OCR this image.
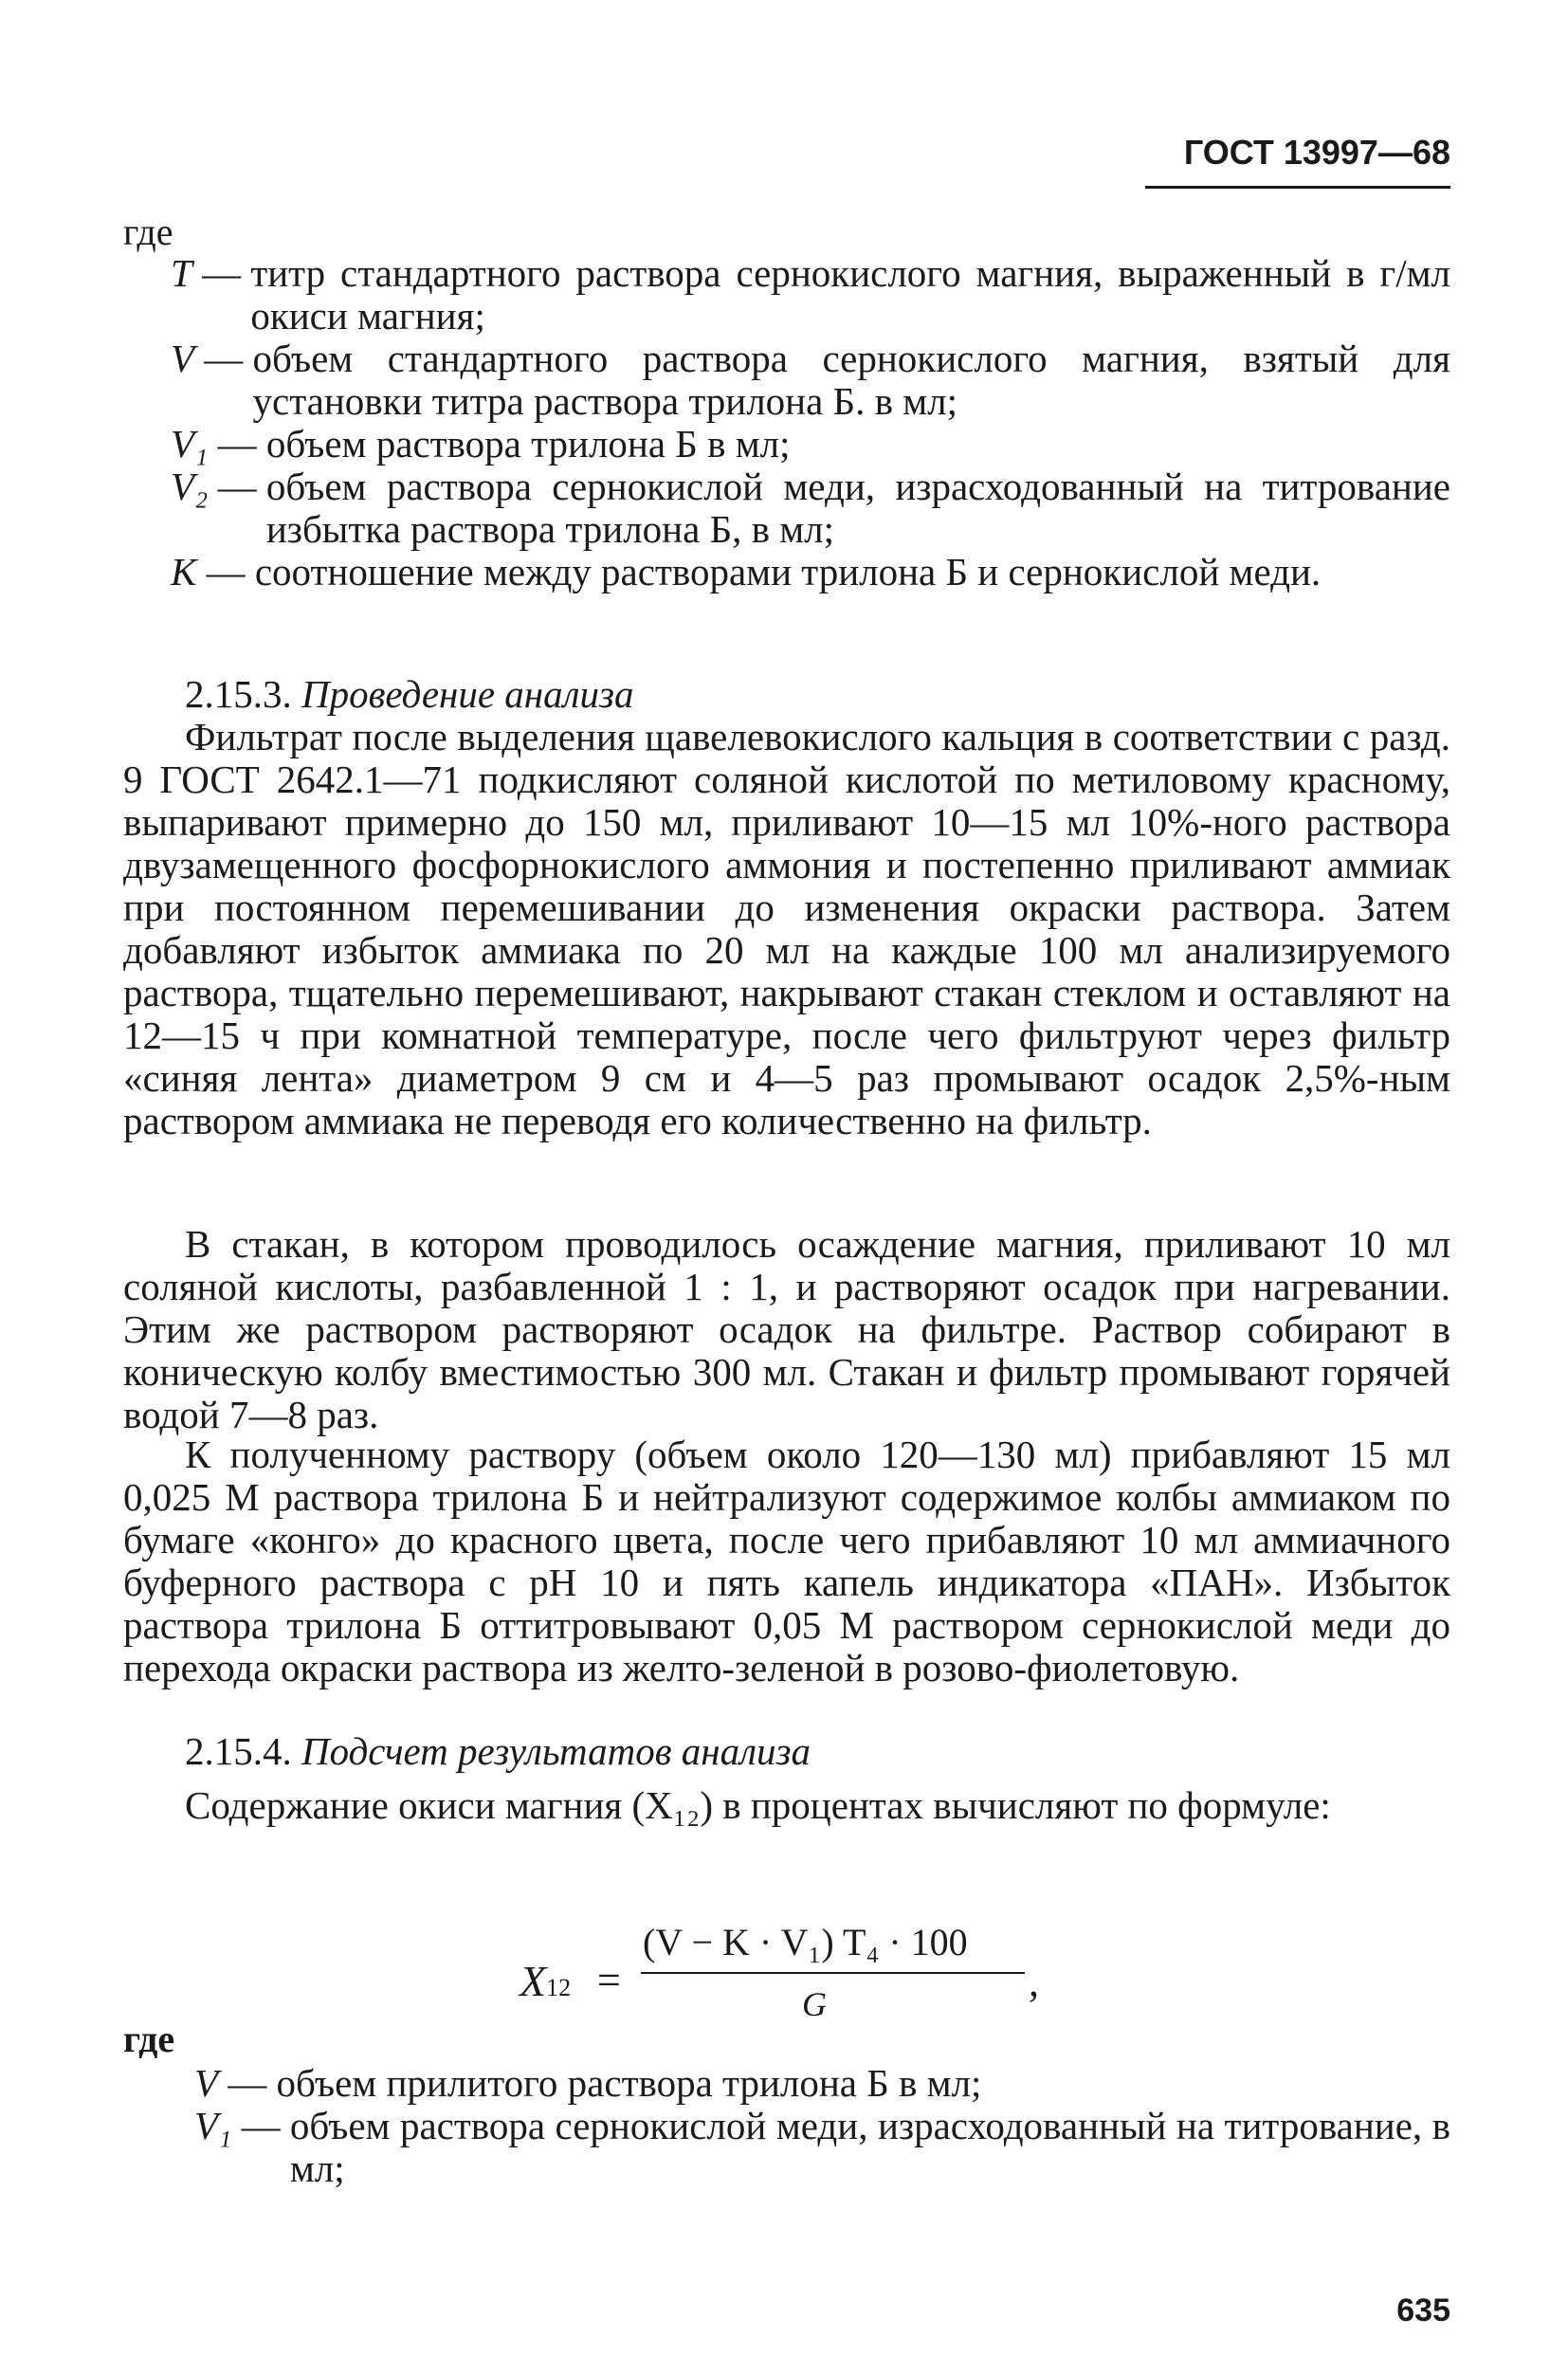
ГОСТ 13997—68
где
T — титр стандартного раствора сернокислого магния, выраженный в г/мл окиси магния;
V — объем стандартного раствора сернокислого магния, взятый для установки титра раствора трилона Б. в мл;
V₁ — объем раствора трилона Б в мл;
V₂ — объем раствора сернокислой меди, израсходованный на титрование избытка раствора трилона Б, в мл;
K — соотношение между растворами трилона Б и сернокислой меди.
2.15.3. Проведение анализа
Фильтрат после выделения щавелевокислого кальция в соответствии с разд. 9 ГОСТ 2642.1—71 подкисляют соляной кислотой по метиловому красному, выпаривают примерно до 150 мл, приливают 10—15 мл 10%-ного раствора двузамещенного фосфорнокислого аммония и постепенно приливают аммиак при постоянном перемешивании до изменения окраски раствора. Затем добавляют избыток аммиака по 20 мл на каждые 100 мл анализируемого раствора, тщательно перемешивают, накрывают стакан стеклом и оставляют на 12—15 ч при комнатной температуре, после чего фильтруют через фильтр «синяя лента» диаметром 9 см и 4—5 раз промывают осадок 2,5%-ным раствором аммиака не переводя его количественно на фильтр.
В стакан, в котором проводилось осаждение магния, приливают 10 мл соляной кислоты, разбавленной 1 : 1, и растворяют осадок при нагревании. Этим же раствором растворяют осадок на фильтре. Раствор собирают в коническую колбу вместимостью 300 мл. Стакан и фильтр промывают горячей водой 7—8 раз.
К полученному раствору (объем около 120—130 мл) прибавляют 15 мл 0,025 М раствора трилона Б и нейтрализуют содержимое колбы аммиаком по бумаге «конго» до красного цвета, после чего прибавляют 10 мл аммиачного буферного раствора с pH 10 и пять капель индикатора «ПАН». Избыток раствора трилона Б оттитровывают 0,05 М раствором сернокислой меди до перехода окраски раствора из желто-зеленой в розово-фиолетовую.
2.15.4. Подсчет результатов анализа
Содержание окиси магния (X₁₂) в процентах вычисляют по формуле:
X12 =
(V − K · V₁) T₄ · 100
,
G
где
V — объем прилитого раствора трилона Б в мл;
V₁ — объем раствора сернокислой меди, израсходованный на титрование, в мл;
635
